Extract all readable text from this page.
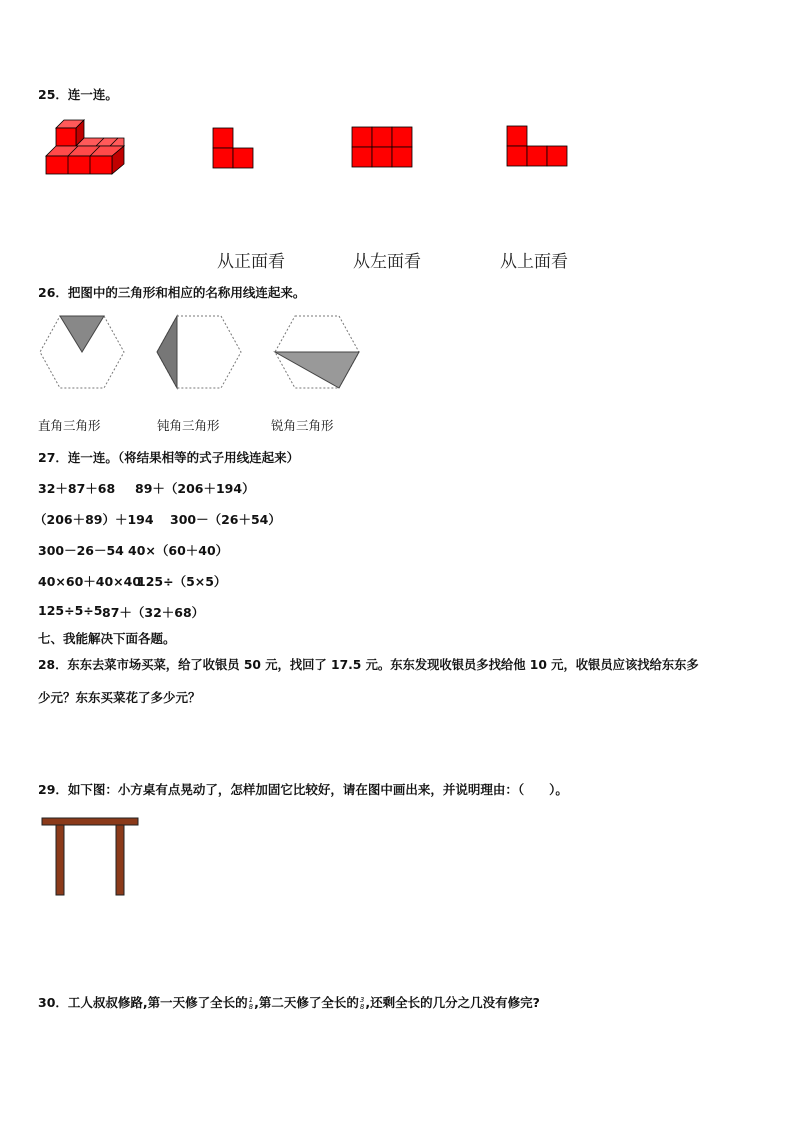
25．连一连。
从正面看	从左面看	从上面看
26．把图中的三角形和相应的名称用线连起来。
直角三角形	钝角三角形	锐角三角形
27．连一连。（将结果相等的式子用线连起来）
32＋87＋68 89＋（206＋194）
（206＋89）＋194 300－（26＋54）
300－26－54 40×（60＋40）
40×60＋40×40
125÷（5×5）
125÷5÷5 87＋（32＋68）
七、我能解决下面各题。
28．东东去菜市场买菜，给了收银员 50 元，找回了 17.5 元。东东发现收银员多找给他 10 元，收银员应该找给东东多
少元？东东买菜花了多少元？
29．如下图：小方桌有点晃动了，怎样加固它比较好，请在图中画出来，并说明理由：（　　）。
30．工人叔叔修路,第一天修了全长的 1
8 ,第二天修了全长的 3
8 ,还剩全长的几分之几没有修完?
